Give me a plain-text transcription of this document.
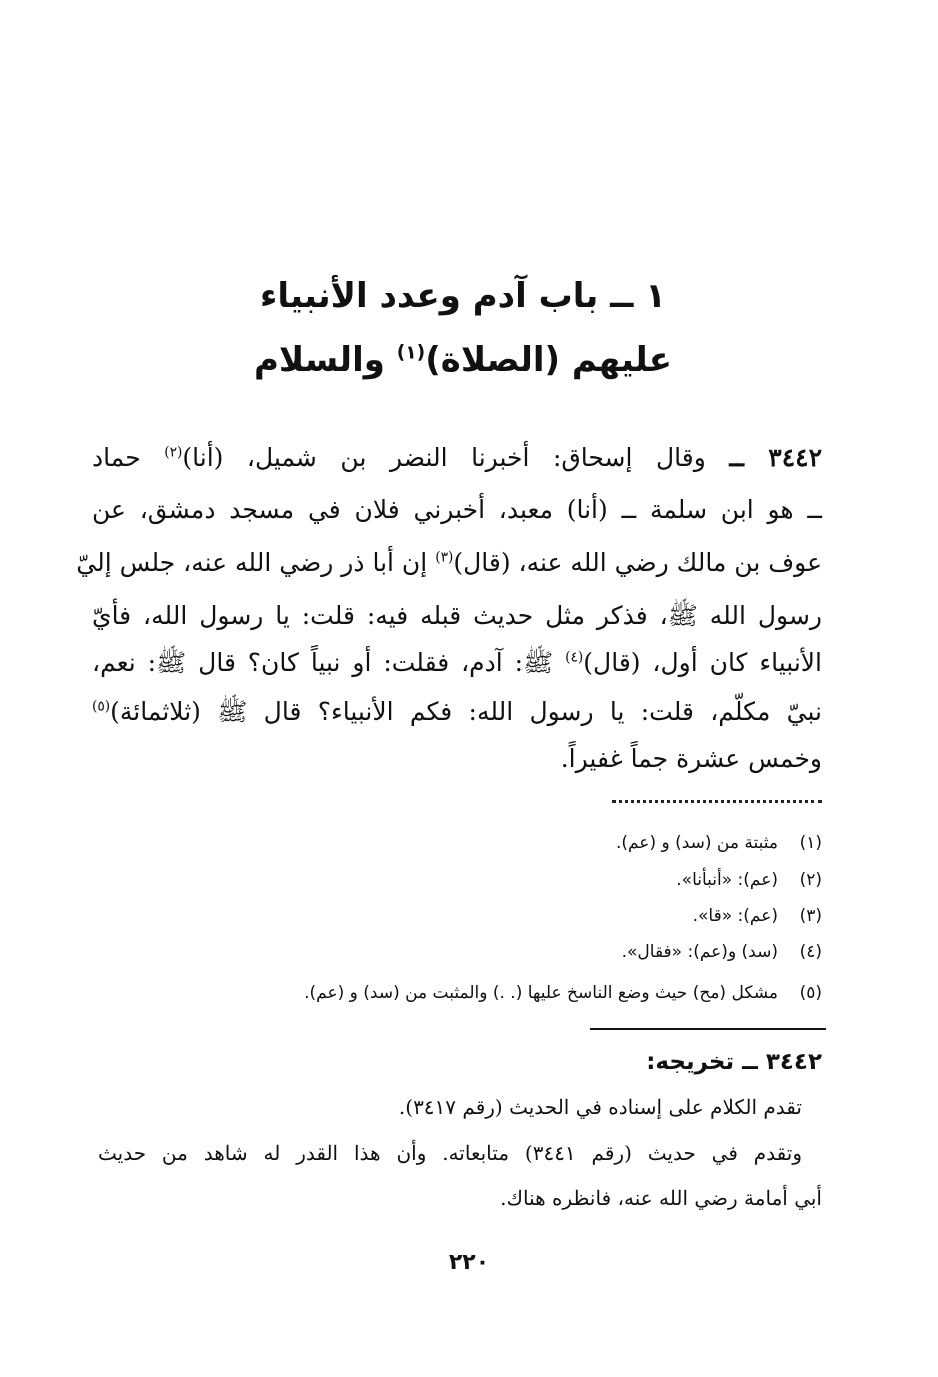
١ ــ باب آدم وعدد الأنبياء
عليهم (الصلاة)$^{(١)}$ والسلام
٣٤٤٢ ــ وقال إسحاق: أخبرنا النضر بن شميل، (أنا)$^{(٢)}$ حماد
ــ هو ابن سلمة ــ (أنا) معبد، أخبرني فلان في مسجد دمشق، عن
عوف بن مالك رضي الله عنه، (قال)$^{(٣)}$ إن أبا ذر رضي الله عنه، جلس إليّ
رسول الله ﷺ، فذكر مثل حديث قبله فيه: قلت: يا رسول الله، فأيّ
الأنبياء كان أول، (قال)$^{(٤)}$ ﷺ: آدم، فقلت: أو نبياً كان؟ قال ﷺ: نعم،
نبيّ مكلّم، قلت: يا رسول الله: فكم الأنبياء؟ قال ﷺ (ثلاثمائة)$^{(٥)}$
وخمس عشرة جماً غفيراً.
(١)مثبتة من (سد) و (عم).
(٢)(عم): «أنبأنا».
(٣)(عم): «قا».
(٤)(سد) و(عم): «فقال».
(٥)مشكل (مح) حيث وضع الناسخ عليها (. .) والمثبت من (سد) و (عم).
٣٤٤٢ ــ تخريجه:
تقدم الكلام على إسناده في الحديث (رقم ٣٤١٧).
وتقدم في حديث (رقم ٣٤٤١) متابعاته. وأن هذا القدر له شاهد من حديث
أبي أمامة رضي الله عنه، فانظره هناك.
٢٢٠
